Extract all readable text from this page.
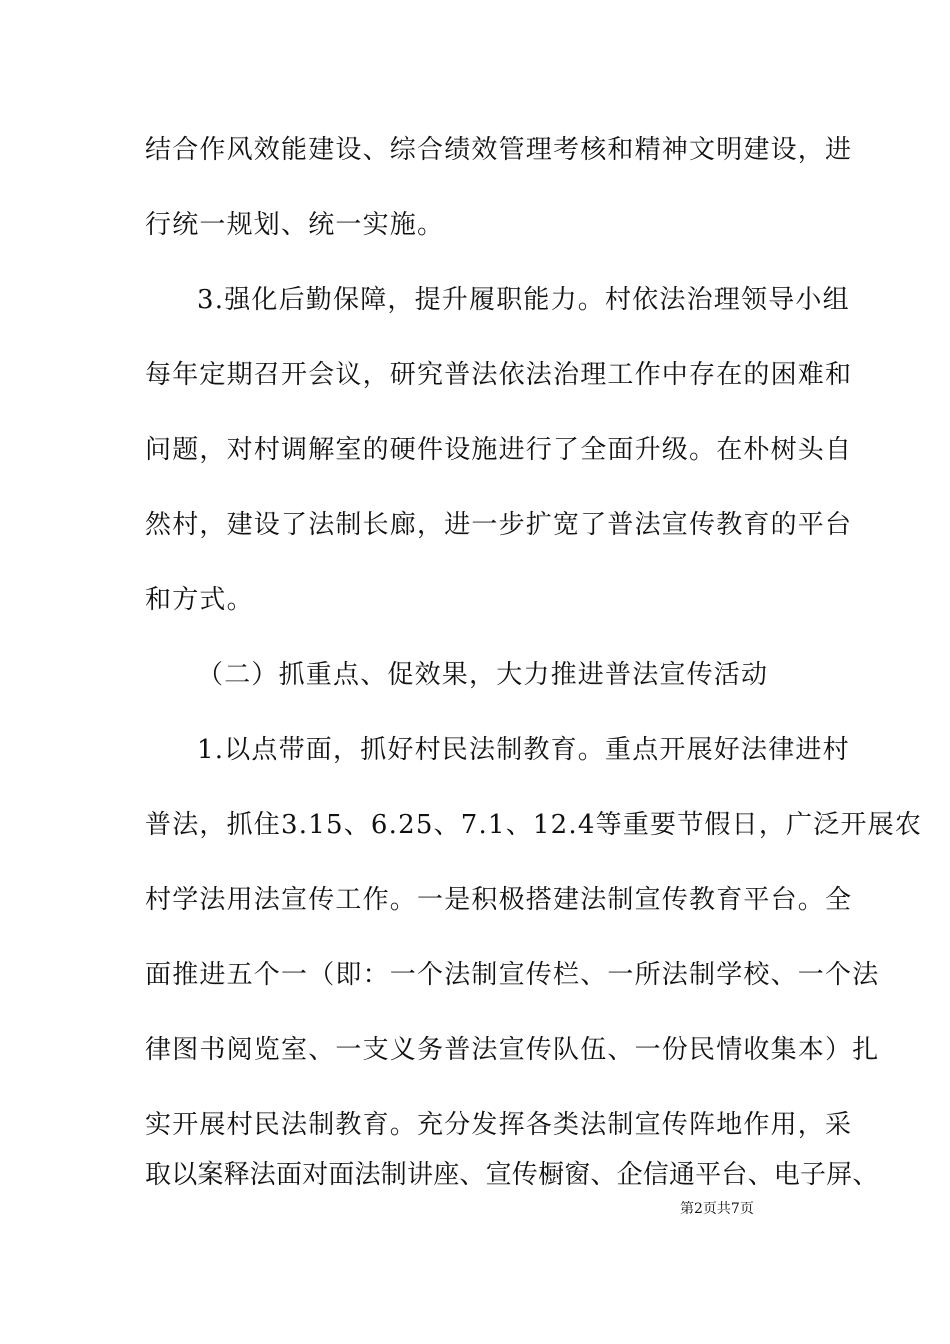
结合作风效能建设、综合绩效管理考核和精神文明建设，进
行统一规划、统一实施。
3.强化后勤保障，提升履职能力。村依法治理领导小组
每年定期召开会议，研究普法依法治理工作中存在的困难和
问题，对村调解室的硬件设施进行了全面升级。在朴树头自
然村，建设了法制长廊，进一步扩宽了普法宣传教育的平台
和方式。
（二）抓重点、促效果，大力推进普法宣传活动
1.以点带面，抓好村民法制教育。重点开展好法律进村
普法，抓住3.15、6.25、7.1、12.4等重要节假日，广泛开展农
村学法用法宣传工作。一是积极搭建法制宣传教育平台。全
面推进五个一（即：一个法制宣传栏、一所法制学校、一个法
律图书阅览室、一支义务普法宣传队伍、一份民情收集本）扎
实开展村民法制教育。充分发挥各类法制宣传阵地作用，采
取以案释法面对面法制讲座、宣传橱窗、企信通平台、电子屏、
第2页共7页
